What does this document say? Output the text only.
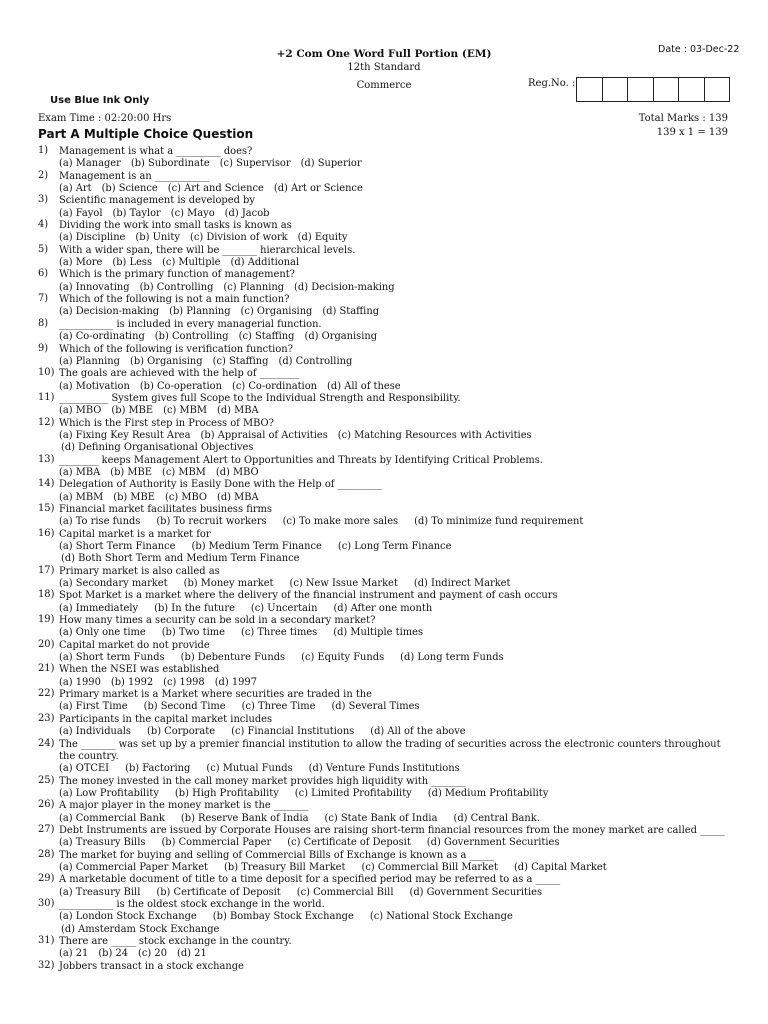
Date : 03-Dec-22
+2 Com One Word Full Portion (EM)
12th Standard
Commerce	Reg.No. :
Use Blue Ink Only
Exam Time : 02:20:00 Hrs	Total Marks : 139
Part A Multiple Choice Question	139 x 1 = 139
1)	Management is what a _________ does?
(a) Manager (b) Subordinate (c) Supervisor (d) Superior
2)	Management is an ___________
(a) Art (b) Science (c) Art and Science (d) Art or Science
3)	Scientific management is developed by
(a) Fayol (b) Taylor (c) Mayo (d) Jacob
4)	Dividing the work into small tasks is known as
(a) Discipline (b) Unity (c) Division of work (d) Equity
5)	With a wider span, there will be _______ hierarchical levels.
(a) More (b) Less (c) Multiple (d) Additional
6)	Which is the primary function of management?
(a) Innovating (b) Controlling (c) Planning (d) Decision-making
7)	Which of the following is not a main function?
(a) Decision-making (b) Planning (c) Organising (d) Staffing
8)	___________ is included in every managerial function.
(a) Co-ordinating (b) Controlling (c) Staffing (d) Organising
9)	Which of the following is verification function?
(a) Planning (b) Organising (c) Staffing (d) Controlling
10) The goals are achieved with the help of ________
(a) Motivation (b) Co-operation (c) Co-ordination (d) All of these
11) __________ System gives full Scope to the Individual Strength and Responsibility.
(a) MBO (b) MBE (c) MBM (d) MBA
12) Which is the First step in Process of MBO?
(a) Fixing Key Result Area (b) Appraisal of Activities (c) Matching Resources with Activities
(d) Defining Organisational Objectives
13) ________ keeps Management Alert to Opportunities and Threats by Identifying Critical Problems.
(a) MBA (b) MBE (c) MBM (d) MBO
14) Delegation of Authority is Easily Done with the Help of _________
(a) MBM (b) MBE (c) MBO (d) MBA
15) Financial market facilitates business firms
(a) To rise funds (b) To recruit workers (c) To make more sales (d) To minimize fund requirement
16) Capital market is a market for
(a) Short Term Finance (b) Medium Term Finance (c) Long Term Finance
(d) Both Short Term and Medium Term Finance
17) Primary market is also called as
(a) Secondary market (b) Money market (c) New Issue Market (d) Indirect Market
18) Spot Market is a market where the delivery of the financial instrument and payment of cash occurs
(a) Immediately (b) In the future (c) Uncertain (d) After one month
19) How many times a security can be sold in a secondary market?
(a) Only one time (b) Two time (c) Three times (d) Multiple times
20) Capital market do not provide
(a) Short term Funds (b) Debenture Funds (c) Equity Funds (d) Long term Funds
21) When the NSEI was established
(a) 1990 (b) 1992 (c) 1998 (d) 1997
22) Primary market is a Market where securities are traded in the
(a) First Time (b) Second Time (c) Three Time (d) Several Times
23) Participants in the capital market includes
(a) Individuals (b) Corporate (c) Financial Institutions (d) All of the above
24) The _______ was set up by a premier financial institution to allow the trading of securities across the electronic counters throughout the country.
(a) OTCEI (b) Factoring (c) Mutual Funds (d) Venture Funds Institutions
25) The money invested in the call money market provides high liquidity with _______
(a) Low Profitability (b) High Profitability (c) Limited Profitability (d) Medium Profitability
26) A major player in the money market is the _______
(a) Commercial Bank (b) Reserve Bank of India (c) State Bank of India (d) Central Bank.
27) Debt Instruments are issued by Corporate Houses are raising short-term financial resources from the money market are called _____
(a) Treasury Bills (b) Commercial Paper (c) Certificate of Deposit (d) Government Securities
28) The market for buying and selling of Commercial Bills of Exchange is known as a _____
(a) Commercial Paper Market (b) Treasury Bill Market (c) Commercial Bill Market (d) Capital Market
29) A marketable document of title to a time deposit for a specified period may be referred to as a _____
(a) Treasury Bill (b) Certificate of Deposit (c) Commercial Bill (d) Government Securities
30) ___________ is the oldest stock exchange in the world.
(a) London Stock Exchange (b) Bombay Stock Exchange (c) National Stock Exchange
(d) Amsterdam Stock Exchange
31) There are _____ stock exchange in the country.
(a) 21 (b) 24 (c) 20 (d) 21
32) Jobbers transact in a stock exchange
